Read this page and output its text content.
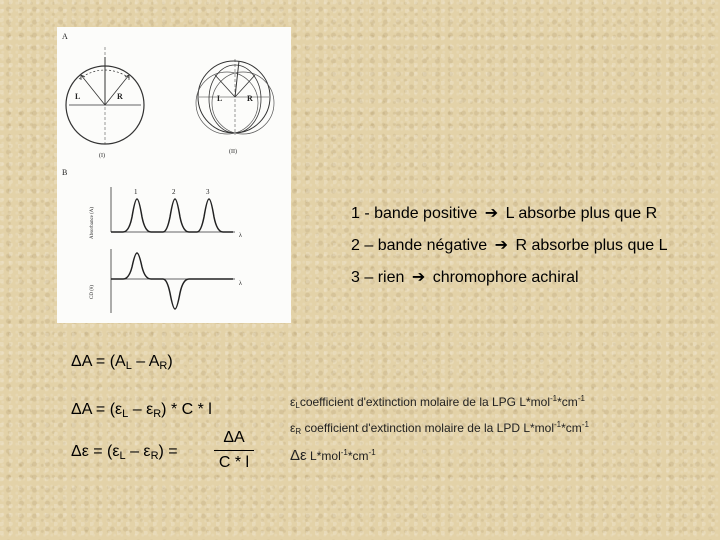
A
B
L	R
(I)
L	R
(II)
Absorbance (A)
1	2	3
λ
CD (θ)
λ
1 - bande positive ➔ L absorbe plus que R
2 – bande négative ➔ R absorbe plus que L
3 – rien ➔ chromophore achiral
$\Delta A = (A_L - A_R)$
$\Delta A = (\varepsilon_L - \varepsilon_R) * C * l$
$\Delta\varepsilon = (\varepsilon_L - \varepsilon_R)$ =
ΔA
C * l
$\varepsilon_Lcoefficient$ d'extinction molaire de la LPG $L*mol^{-1}*cm^{-1}$
$\varepsilon_R$ coefficient d'extinction molaire de la LPD $L*mol^{-1}*cm^{-1}$
Δε $L*mol^{-1}*cm^{-1}$
